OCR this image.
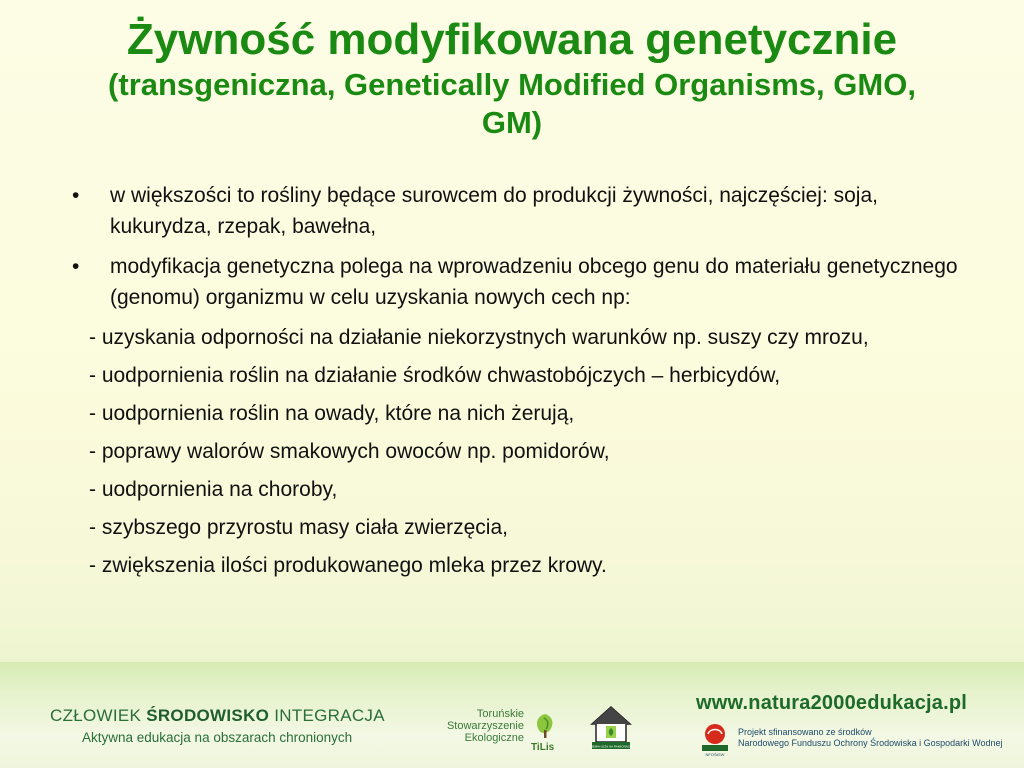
Żywność modyfikowana genetycznie
(transgeniczna, Genetically Modified Organisms, GMO,
GM)
• w większości to rośliny będące surowcem do produkcji żywności, najczęściej: soja, kukurydza, rzepak, bawełna,
• modyfikacja genetyczna polega na wprowadzeniu obcego genu do materiału genetycznego (genomu) organizmu w celu uzyskania nowych cech np:
- uzyskania odporności na działanie niekorzystnych warunków np. suszy czy mrozu,
- uodpornienia roślin na działanie środków chwastobójczych – herbicydów,
- uodpornienia roślin na owady, które na nich żerują,
- poprawy walorów smakowych owoców np. pomidorów,
- uodpornienia na choroby,
- szybszego przyrostu masy ciała zwierzęcia,
- zwiększenia ilości produkowanego mleka przez krowy.
CZŁOWIEK ŚRODOWISKO INTEGRACJA
Aktywna edukacja na obszarach chronionych
Toruńskie
Stowarzyszenie
Ekologiczne
TiLis	ZIEMIA LEŻĄ NA RAMIONACH
www.natura2000edukacja.pl
NFOŚiGW
Projekt sfinansowano ze środków
Narodowego Funduszu Ochrony Środowiska i Gospodarki Wodnej
